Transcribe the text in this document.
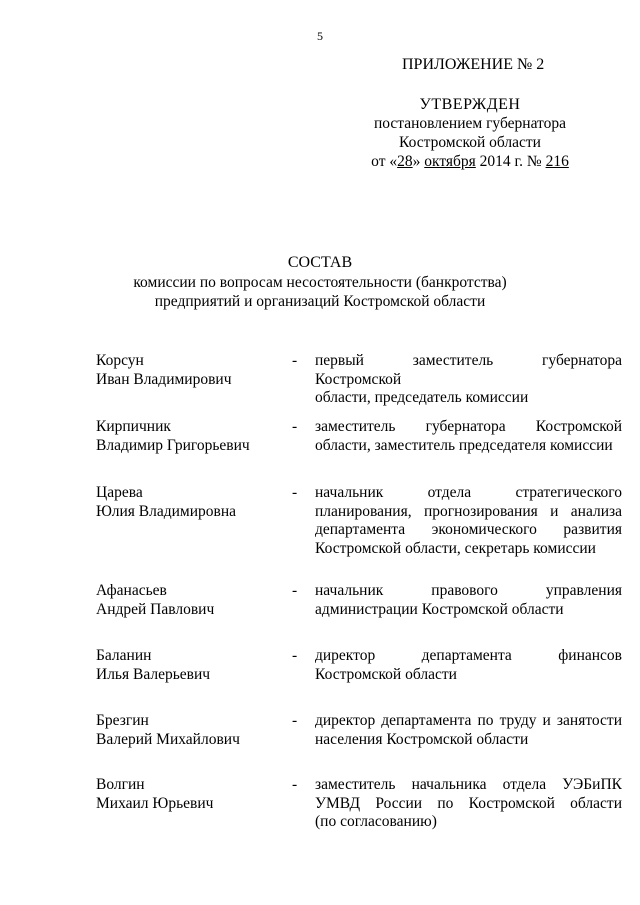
5
ПРИЛОЖЕНИЕ № 2
УТВЕРЖДЕН
постановлением губернатора
Костромской области
от «28» октября 2014 г. № 216
СОСТАВ
комиссии по вопросам несостоятельности (банкротства)
предприятий и организаций Костромской области
Корсун
Иван Владимирович
- первый заместитель губернатора Костромской
области, председатель комиссии
Кирпичник
Владимир Григорьевич
- заместитель губернатора Костромской
области, заместитель председателя комиссии
Царева
Юлия Владимировна
- начальник отдела стратегического
планирования, прогнозирования и анализа
департамента экономического развития
Костромской области, секретарь комиссии
Афанасьев
Андрей Павлович
- начальник правового управления
администрации Костромской области
Баланин
Илья Валерьевич
- директор департамента финансов
Костромской области
Брезгин
Валерий Михайлович
- директор департамента по труду и занятости
населения Костромской области
Волгин
Михаил Юрьевич
- заместитель начальника отдела УЭБиПК
УМВД России по Костромской области
(по согласованию)
